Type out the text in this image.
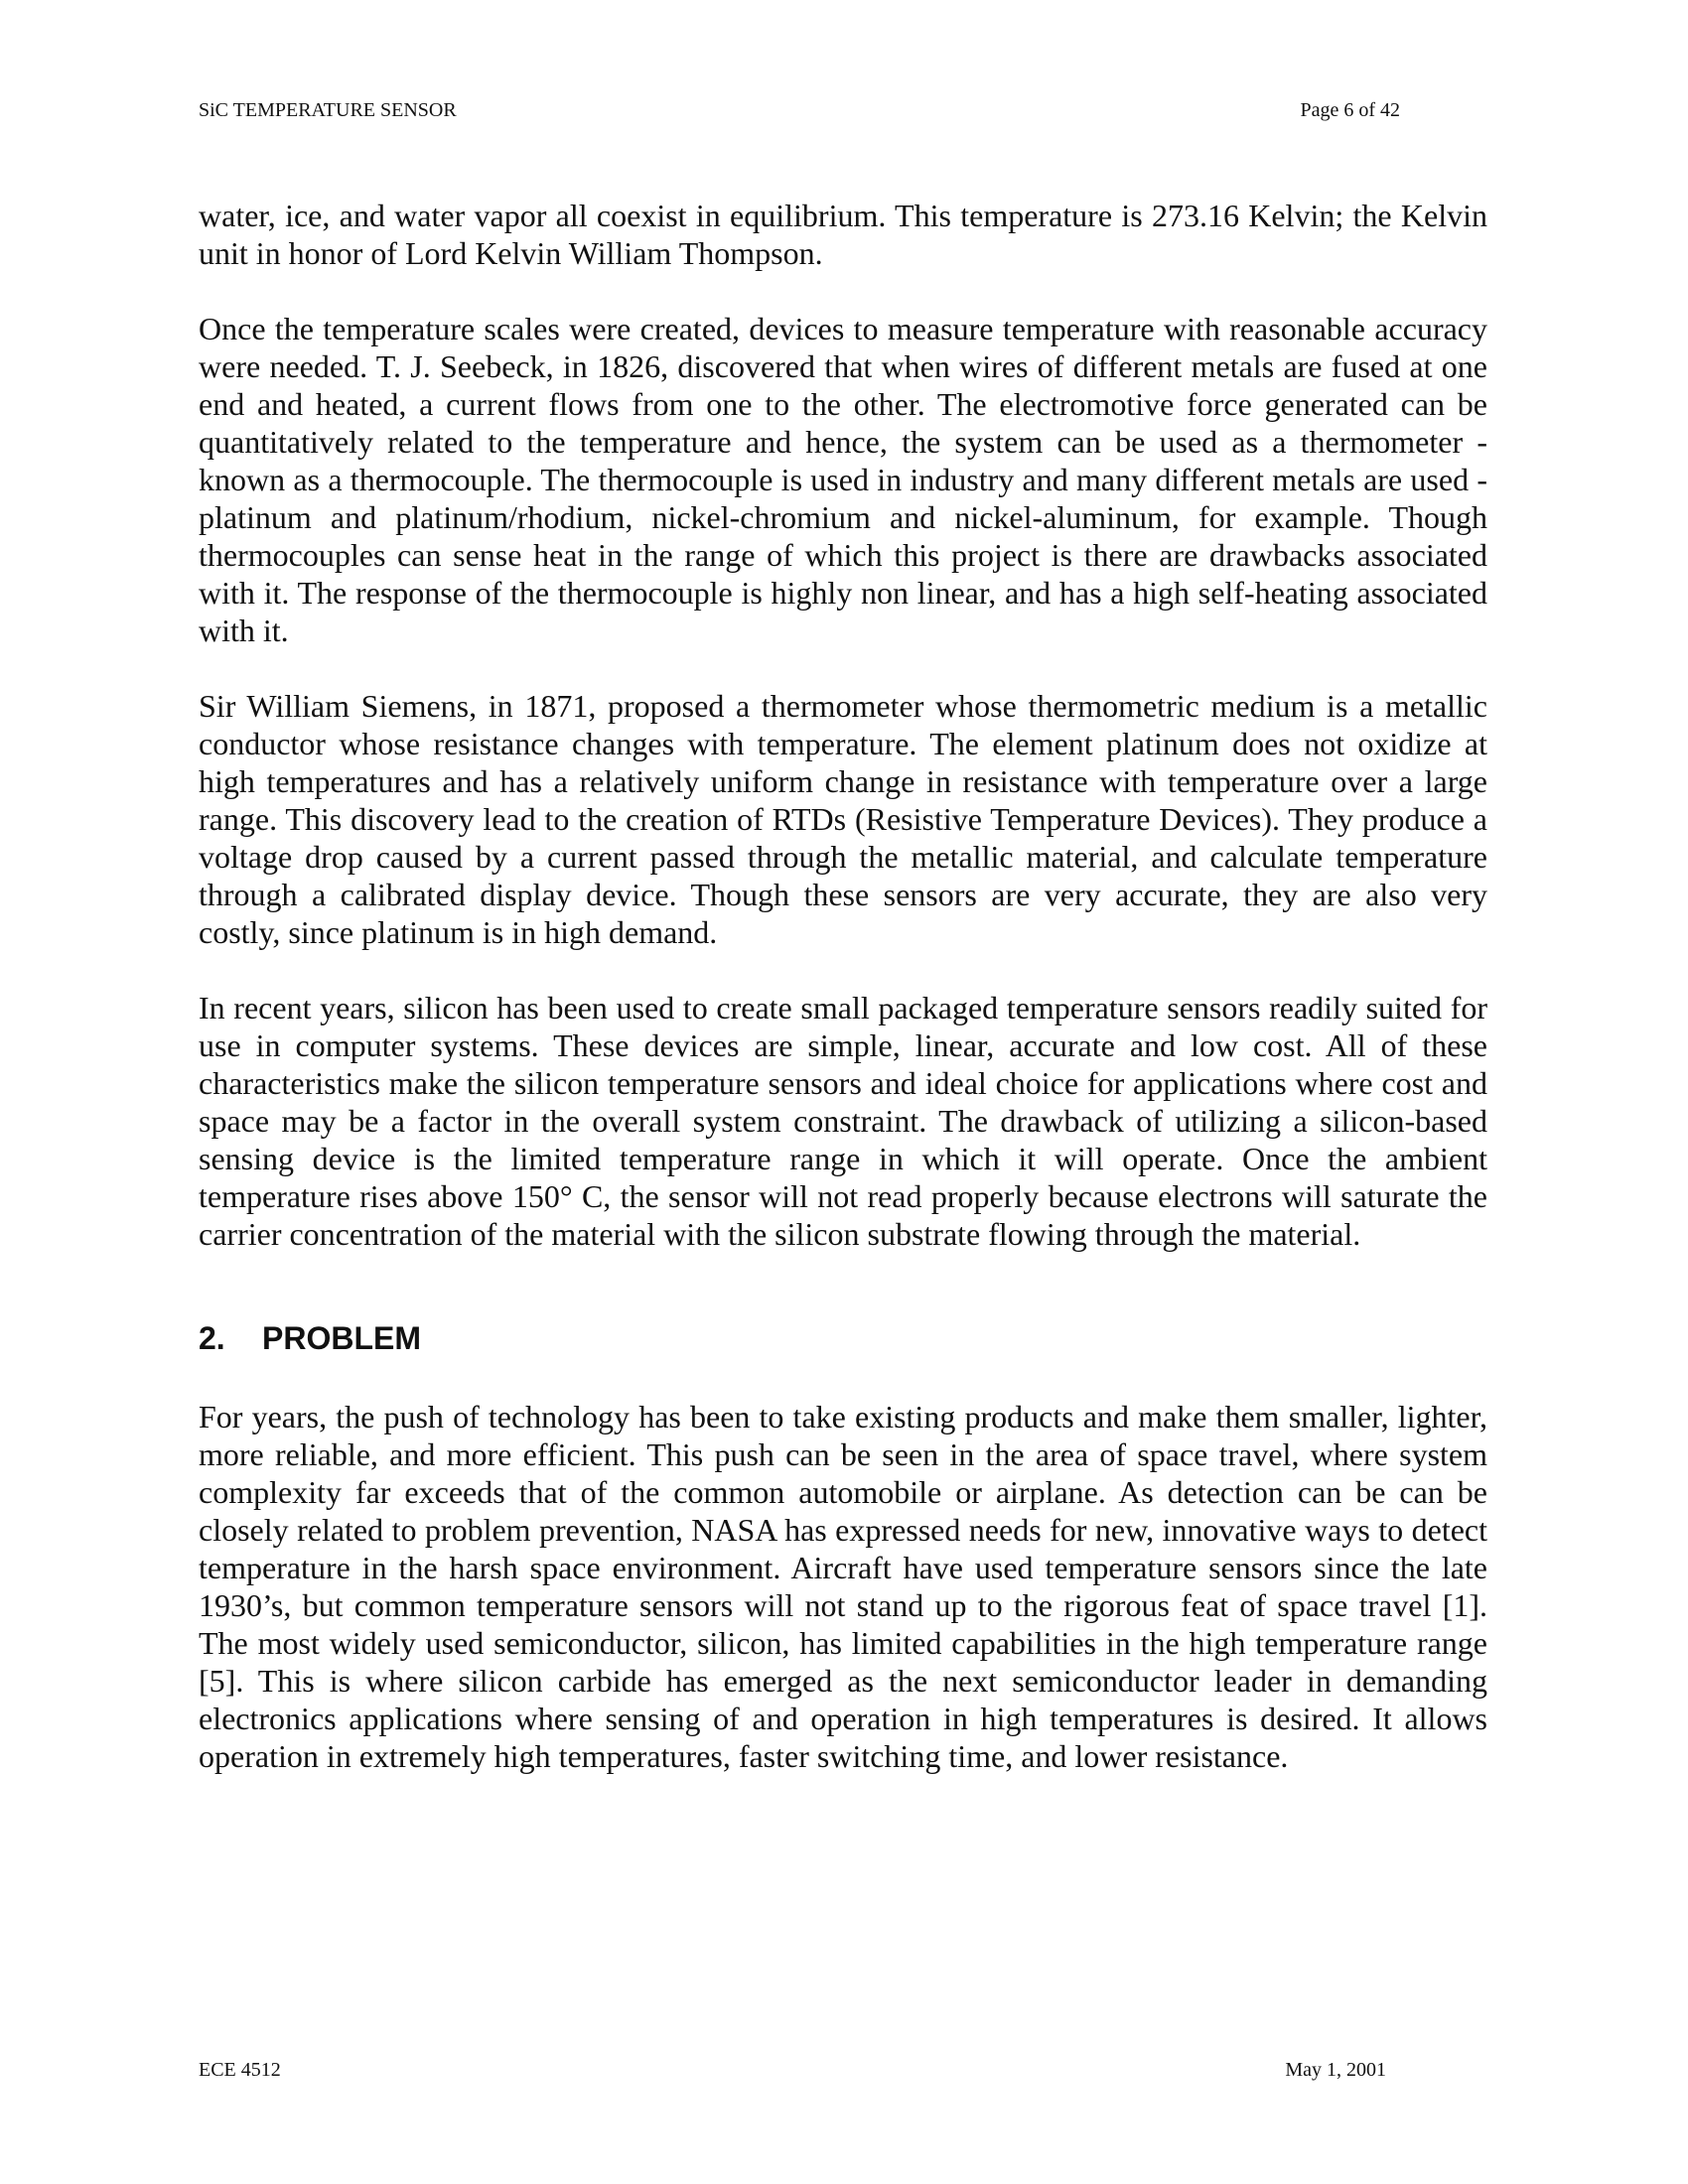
SiC TEMPERATURE SENSOR	Page 6 of 42

water, ice, and water vapor all coexist in equilibrium. This temperature is 273.16 Kelvin; the Kelvin unit in honor of Lord Kelvin William Thompson.

Once the temperature scales were created, devices to measure temperature with reasonable accuracy were needed. T. J. Seebeck, in 1826, discovered that when wires of different metals are fused at one end and heated, a current flows from one to the other. The electromotive force generated can be quantitatively related to the temperature and hence, the system can be used as a thermometer - known as a thermocouple. The thermocouple is used in industry and many different metals are used - platinum and platinum/rhodium, nickel-chromium and nickel-aluminum, for example. Though thermocouples can sense heat in the range of which this project is there are drawbacks associated with it. The response of the thermocouple is highly non linear, and has a high self-heating associated with it.

Sir William Siemens, in 1871, proposed a thermometer whose thermometric medium is a metallic conductor whose resistance changes with temperature. The element platinum does not oxidize at high temperatures and has a relatively uniform change in resistance with temperature over a large range. This discovery lead to the creation of RTDs (Resistive Temperature Devices). They produce a voltage drop caused by a current passed through the metallic material, and calculate temperature through a calibrated display device. Though these sensors are very accurate, they are also very costly, since platinum is in high demand.

In recent years, silicon has been used to create small packaged temperature sensors readily suited for use in computer systems. These devices are simple, linear, accurate and low cost. All of these characteristics make the silicon temperature sensors and ideal choice for applications where cost and space may be a factor in the overall system constraint. The drawback of utilizing a silicon-based sensing device is the limited temperature range in which it will operate. Once the ambient temperature rises above 150° C, the sensor will not read properly because electrons will saturate the carrier concentration of the material with the silicon substrate flowing through the material.

2. PROBLEM

For years, the push of technology has been to take existing products and make them smaller, lighter, more reliable, and more efficient. This push can be seen in the area of space travel, where system complexity far exceeds that of the common automobile or airplane. As detection can be can be closely related to problem prevention, NASA has expressed needs for new, innovative ways to detect temperature in the harsh space environment. Aircraft have used temperature sensors since the late 1930’s, but common temperature sensors will not stand up to the rigorous feat of space travel [1]. The most widely used semiconductor, silicon, has limited capabilities in the high temperature range [5]. This is where silicon carbide has emerged as the next semiconductor leader in demanding electronics applications where sensing of and operation in high temperatures is desired. It allows operation in extremely high temperatures, faster switching time, and lower resistance.

ECE 4512	May 1, 2001
